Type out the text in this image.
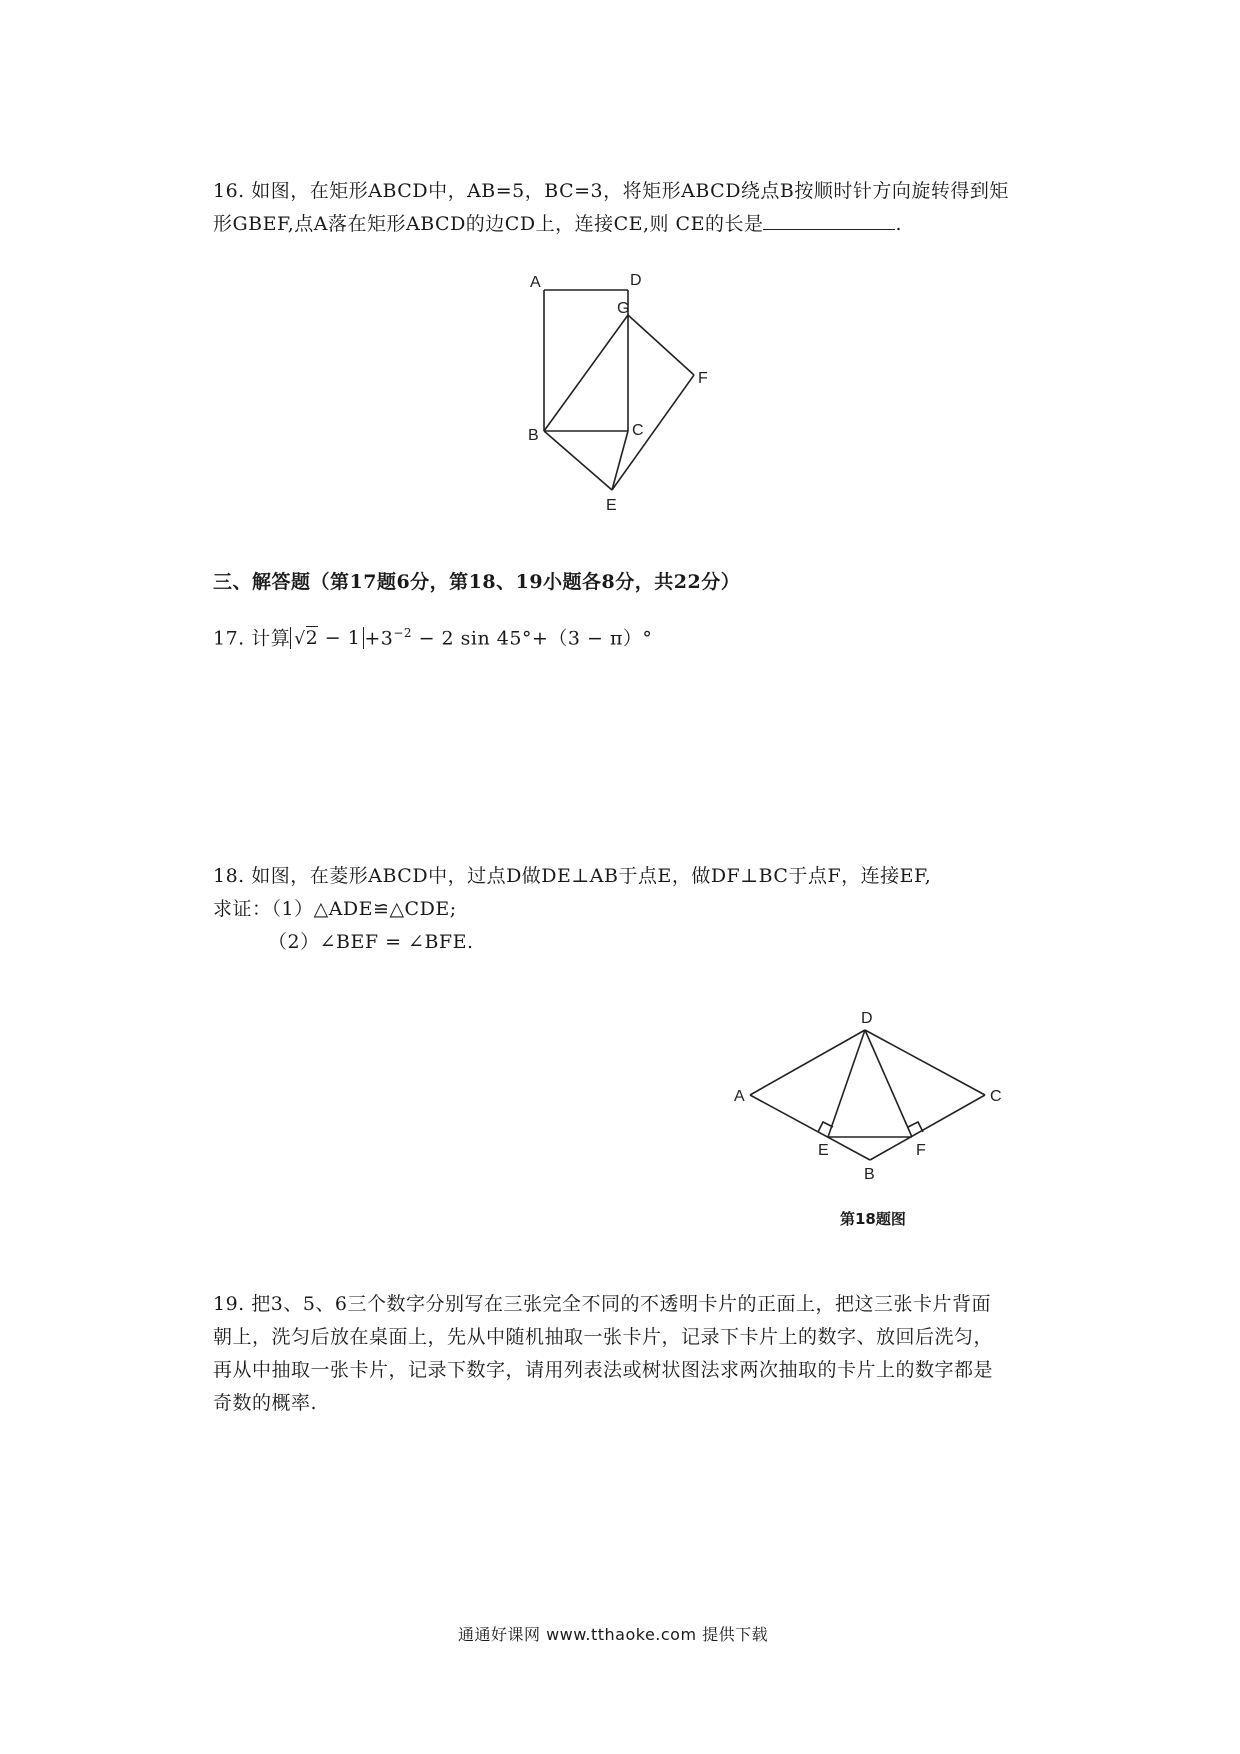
16. 如图，在矩形ABCD中，AB=5，BC=3，将矩形ABCD绕点B按顺时针方向旋转得到矩
形GBEF,点A落在矩形ABCD的边CD上，连接CE,则 CE的长是	.
A	D
G
F
B	C
E
三、解答题（第17题6分，第18、19小题各8分，共22分）
17. 计算 $√2 - 1 +3^{-2} - 2$ sin 45°+（3 − π）°
18. 如图，在菱形ABCD中，过点D做DE⊥AB于点E，做DF⊥BC于点F，连接EF,
求证：（1）△ADE≌△CDE;
（2）∠BEF = ∠BFE.
D
A	C
E	F
B
第18题图
19. 把3、5、6三个数字分别写在三张完全不同的不透明卡片的正面上，把这三张卡片背面
朝上，洗匀后放在桌面上，先从中随机抽取一张卡片，记录下卡片上的数字、放回后洗匀，
再从中抽取一张卡片，记录下数字，请用列表法或树状图法求两次抽取的卡片上的数字都是
奇数的概率.
通通好课网 www.tthaoke.com 提供下载
